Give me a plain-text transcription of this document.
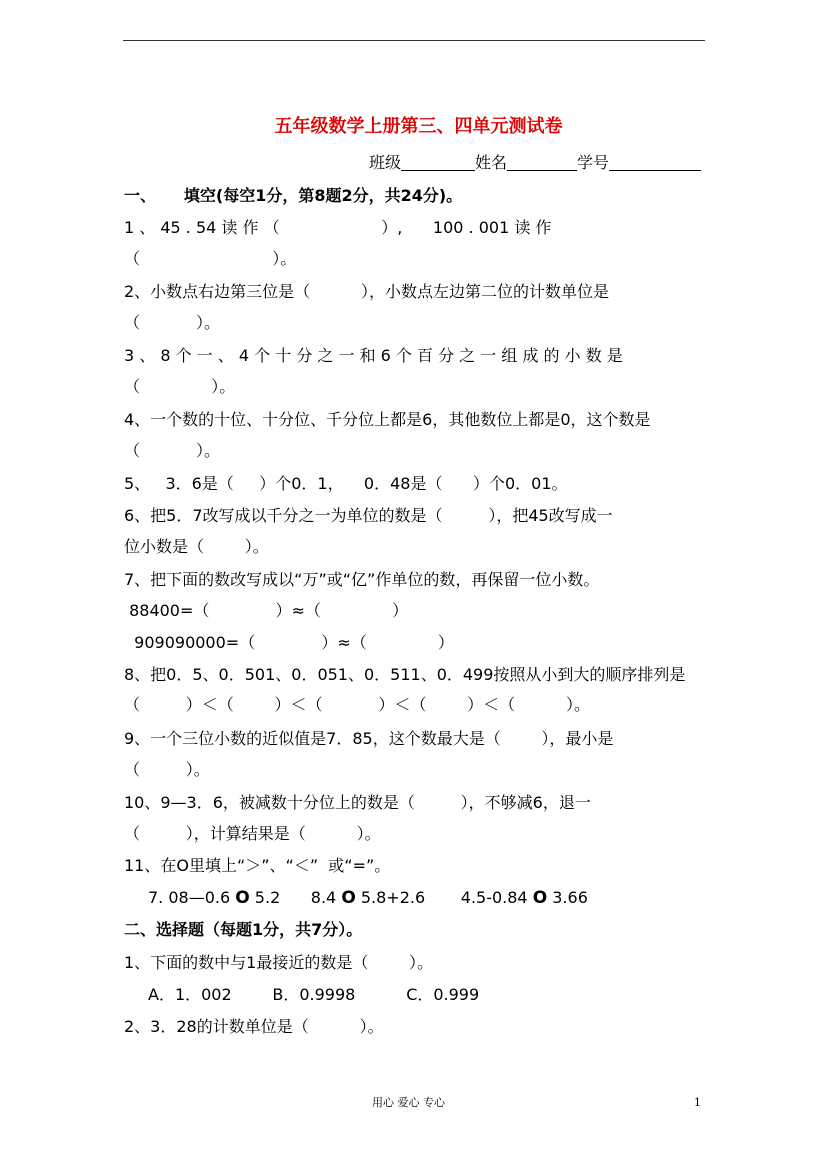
五年级数学上册第三、四单元测试卷
班级	姓名	学号
一、 填空(每空1分，第8题2分，共24分)。
1 、 45 . 54 读 作 （                    ）,      100 . 001 读 作
（                          ）。
2、小数点右边第三位是（          ），小数点左边第二位的计数单位是
（           ）。
3 、 8 个 一 、 4 个 十 分 之 一 和 6 个 百 分 之 一 组 成 的 小 数 是
（              ）。
4、一个数的十位、十分位、千分位上都是6，其他数位上都是0，这个数是
（           ）。
5、   3．6是（     ）个0．1，    0．48是（      ）个0．01。
6、把5．7改写成以千分之一为单位的数是（         ），把45改写成一
位小数是（        ）。
7、把下面的数改写成以“万”或“亿”作单位的数，再保留一位小数。
88400=（             ）≈（              ）
909090000=（             ）≈（              ）
8、把0．5、0．501、0．051、0．511、0．499按照从小到大的顺序排列是
（         ）＜（        ）＜（           ）＜（        ）＜（          ）。
9、一个三位小数的近似值是7．85，这个数最大是（        ），最小是
（         ）。
10、9—3．6，被减数十分位上的数是（         ），不够减6，退一
（         ），计算结果是（          ）。
11、在O里填上“＞”、“＜”  或“=”。
7. 08—0.6 O 5.2 8.4 O 5.8+2.6 4.5-0.84 O 3.66
二、选择题（每题1分，共7分）。
1、下面的数中与1最接近的数是（        ）。
A．1．002	B．0.9998	C．0.999
2、3．28的计数单位是（          ）。
用心 爱心 专心	1
